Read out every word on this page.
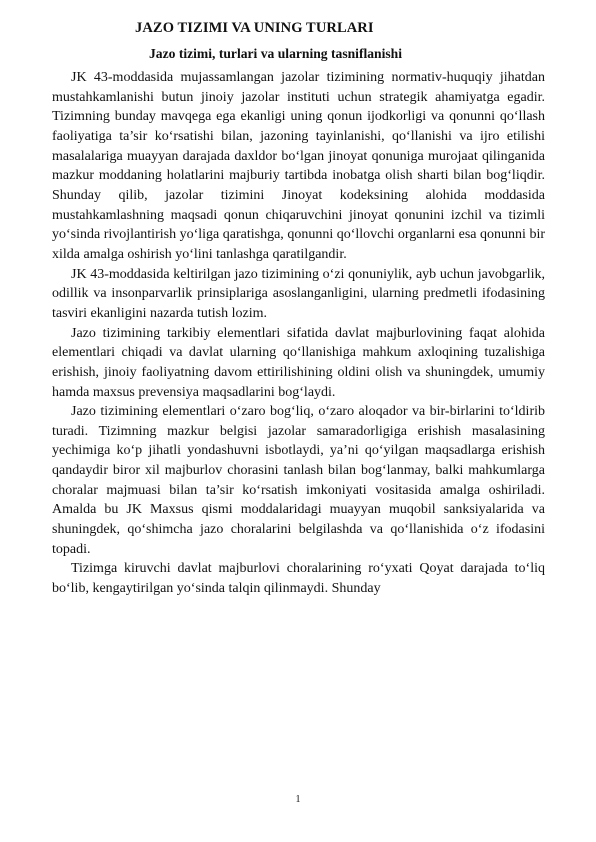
JAZO TIZIMI VA UNING TURLARI
Jazo tizimi, turlari va ularning tasniflanishi

JK 43-moddasida mujassamlangan jazolar tizimining normativ-huquqiy jihatdan mustahkamlanishi butun jinoiy jazolar instituti uchun strategik ahamiyatga egadir. Tizimning bunday mavqega ega ekanligi uning qonun ijodkorligi va qonunni qo‘llash faoliyatiga ta’sir ko‘rsatishi bilan, jazoning tayinlanishi, qo‘llanishi va ijro etilishi masalalariga muayyan darajada daxldor bo‘lgan jinoyat qonuniga murojaat qilinganida mazkur moddaning holatlarini majburiy tartibda inobatga olish sharti bilan bog‘liqdir. Shunday qilib, jazolar tizimini Jinoyat kodeksining alohida moddasida mustahkamlashning maqsadi qonun chiqaruvchini jinoyat qonunini izchil va tizimli yo‘sinda rivojlantirish yo‘liga qaratishga, qonunni qo‘llovchi organlarni esa qonunni bir xilda amalga oshirish yo‘lini tanlashga qaratilgandir.

JK 43-moddasida keltirilgan jazo tizimining o‘zi qonuniylik, ayb uchun javobgarlik, odillik va insonparvarlik prinsiplariga asoslanganligini, ularning predmetli ifodasining tasviri ekanligini nazarda tutish lozim.

Jazo tizimining tarkibiy elementlari sifatida davlat majburlovining faqat alohida elementlari chiqadi va davlat ularning qo‘llanishiga mahkum axloqining tuzalishiga erishish, jinoiy faoliyatning davom ettirilishining oldini olish va shuningdek, umumiy hamda maxsus prevensiya maqsadlarini bog‘laydi.

Jazo tizimining elementlari o‘zaro bog‘liq, o‘zaro aloqador va bir-birlarini to‘ldirib turadi. Tizimning mazkur belgisi jazolar samaradorligiga erishish masalasining yechimiga ko‘p jihatli yondashuvni isbotlaydi, ya’ni qo‘yilgan maqsadlarga erishish qandaydir biror xil majburlov chorasini tanlash bilan bog‘lanmay, balki mahkumlarga choralar majmuasi bilan ta’sir ko‘rsatish imkoniyati vositasida amalga oshiriladi. Amalda bu JK Maxsus qismi moddalaridagi muayyan muqobil sanksiyalarida va shuningdek, qo‘shimcha jazo choralarini belgilashda va qo‘llanishida o‘z ifodasini topadi.

Tizimga kiruvchi davlat majburlovi choralarining ro‘yxati Qoyat darajada to‘liq bo‘lib, kengaytirilgan yo‘sinda talqin qilinmaydi. Shunday

1
